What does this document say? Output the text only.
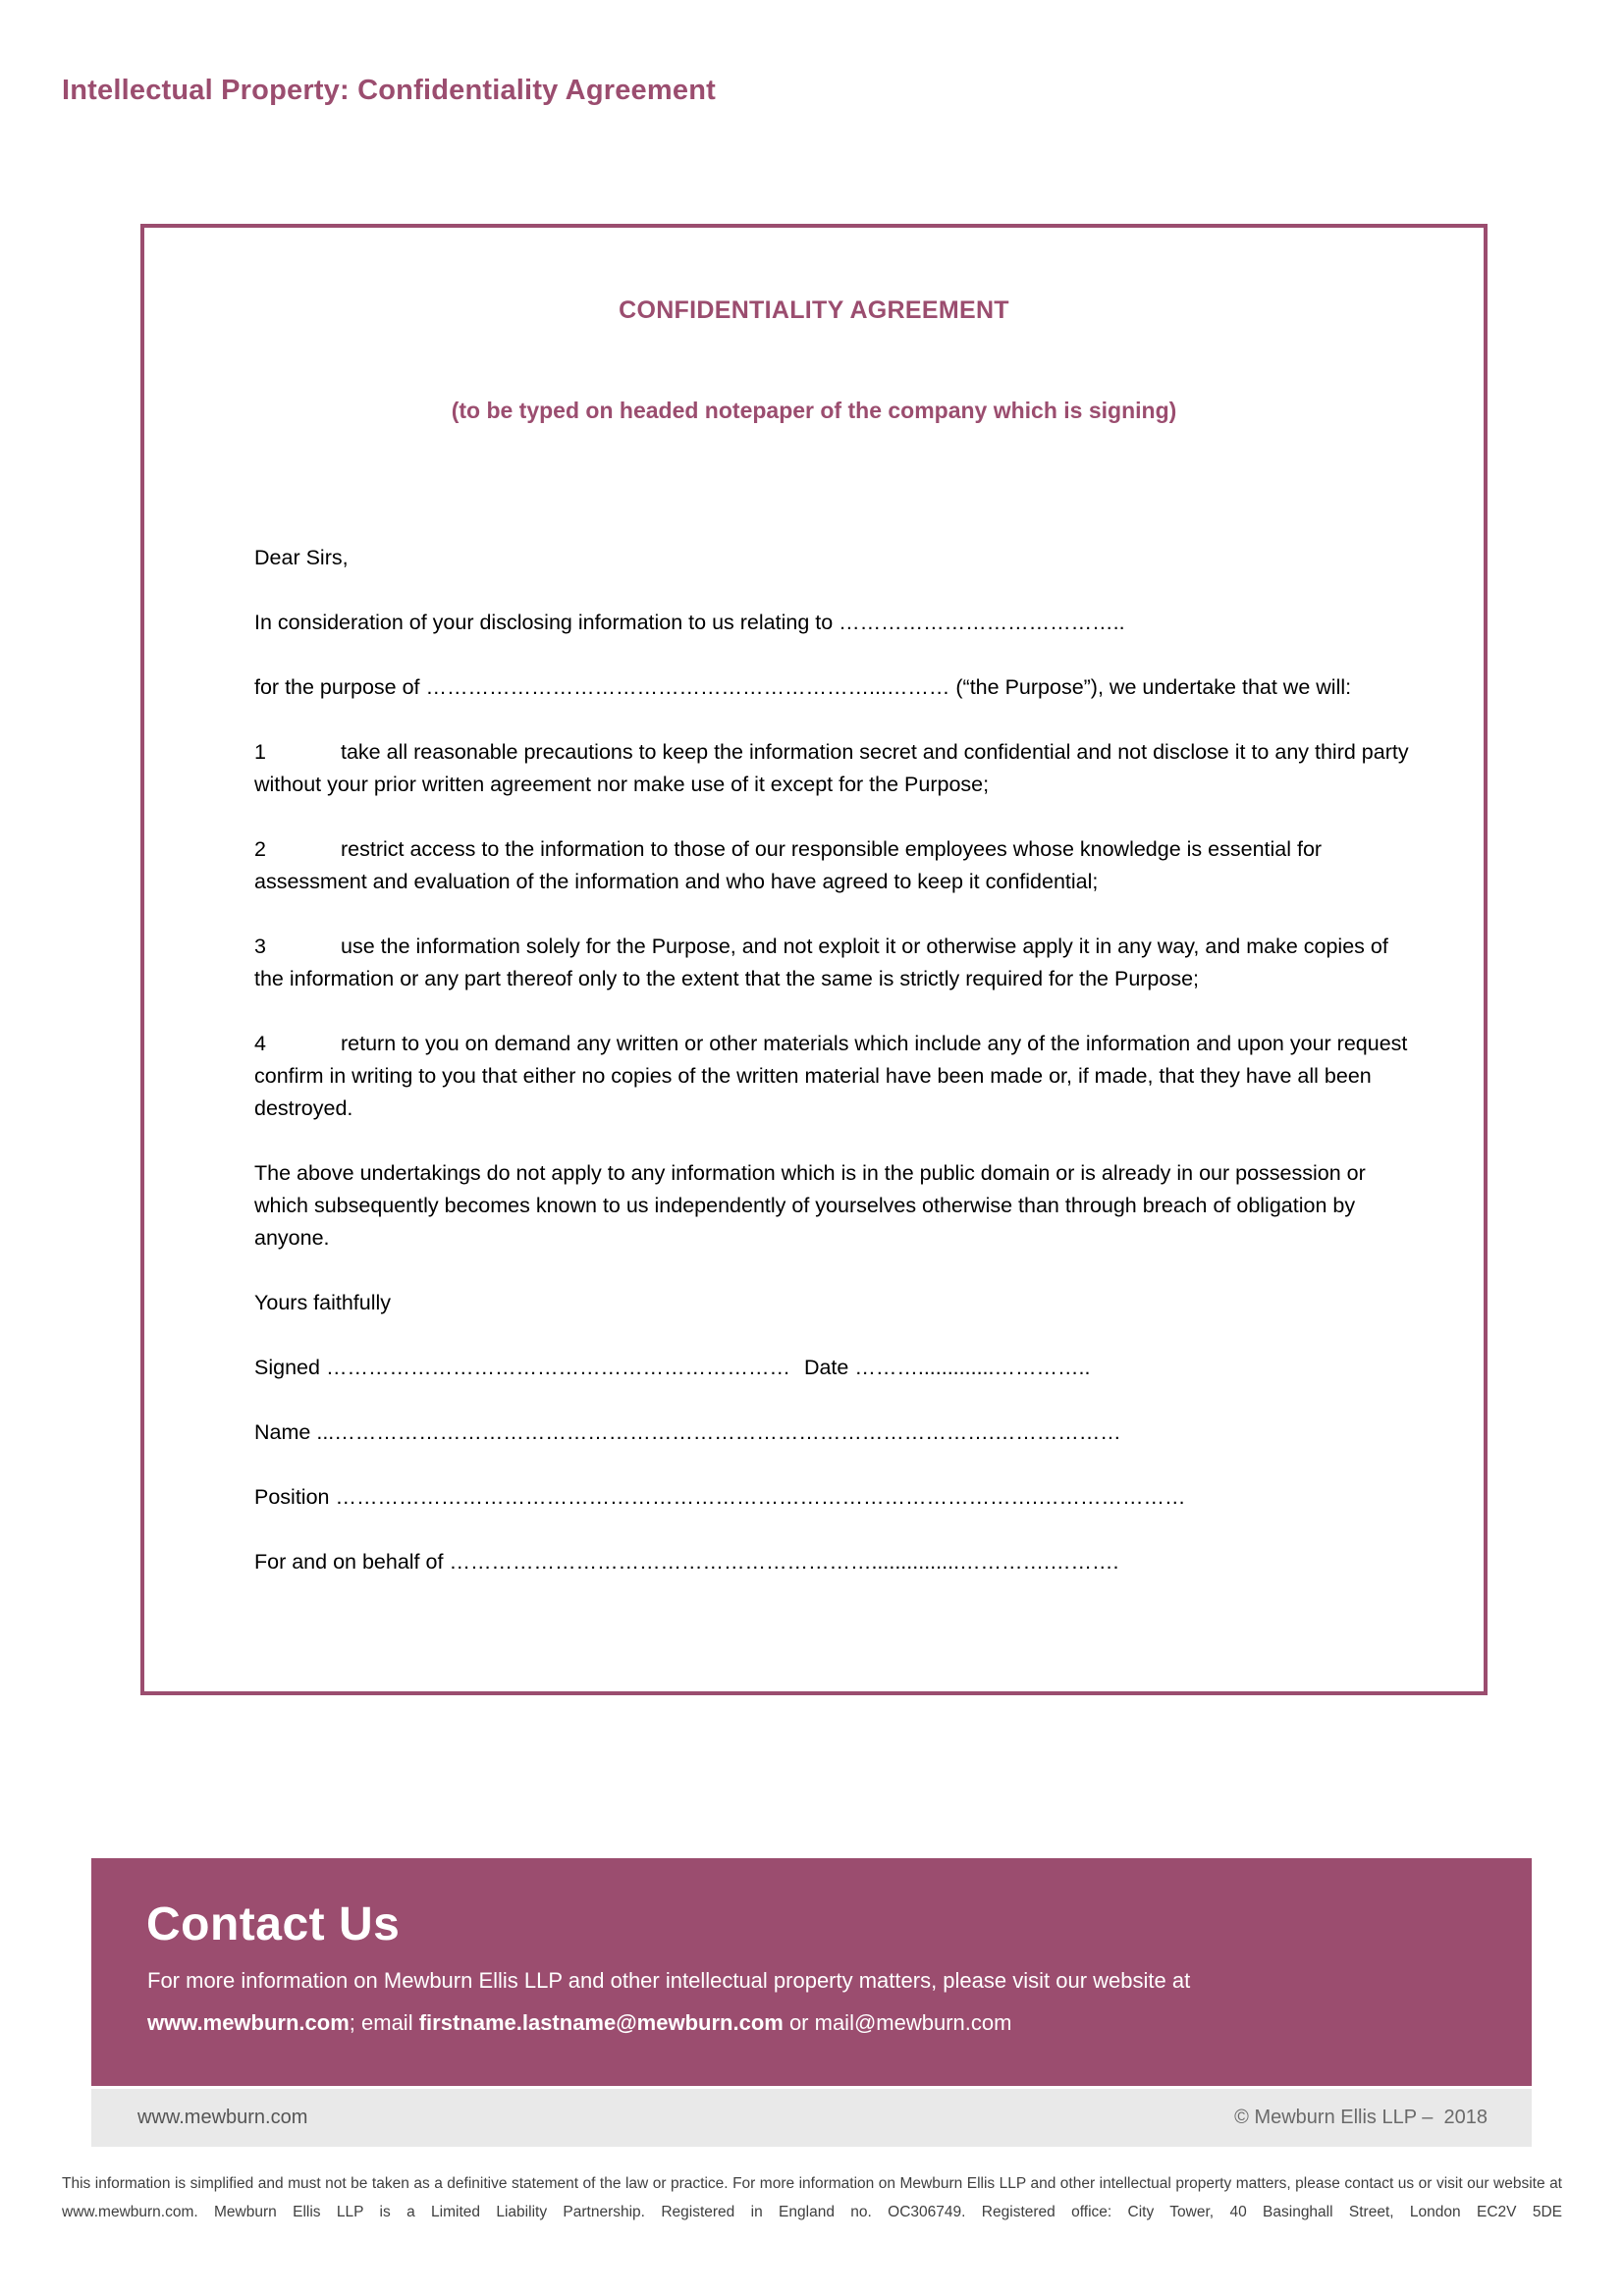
Intellectual Property: Confidentiality Agreement
CONFIDENTIALITY AGREEMENT
(to be typed on headed notepaper of the company which is signing)

Dear Sirs,

In consideration of your disclosing information to us relating to …………………………………..

for the purpose of ………………………………………………………...……… (“the Purpose”), we undertake that we will:

1	take all reasonable precautions to keep the information secret and confidential and not disclose it to any third party without your prior written agreement nor make use of it except for the Purpose;

2	restrict access to the information to those of our responsible employees whose knowledge is essential for assessment and evaluation of the information and who have agreed to keep it confidential;

3	use the information solely for the Purpose, and not exploit it or otherwise apply it in any way, and make copies of the information or any part thereof only to the extent that the same is strictly required for the Purpose;

4	return to you on demand any written or other materials which include any of the information and upon your request confirm in writing to you that either no copies of the written material have been made or, if made, that they have all been destroyed.

The above undertakings do not apply to any information which is in the public domain or is already in our possession or which subsequently becomes known to us independently of yourselves otherwise than through breach of obligation by anyone.

Yours faithfully

Signed ………………………………………………………… Date ……….............…………..

Name ...………………………………………………………………………………….………………

Position ……………………………………………………………………………………….…………………

For and on behalf of ……………………………………………………...............………….……….

Contact Us
For more information on Mewburn Ellis LLP and other intellectual property matters, please visit our website at
www.mewburn.com; email firstname.lastname@mewburn.com or mail@mewburn.com
www.mewburn.com	© Mewburn Ellis LLP –  2018
This information is simplified and must not be taken as a definitive statement of the law or practice. For more information on Mewburn Ellis LLP and other intellectual property matters, please contact us or visit our website at www.mewburn.com. Mewburn Ellis LLP is a Limited Liability Partnership. Registered in England no. OC306749. Registered office: City Tower, 40 Basinghall Street, London EC2V 5DE
